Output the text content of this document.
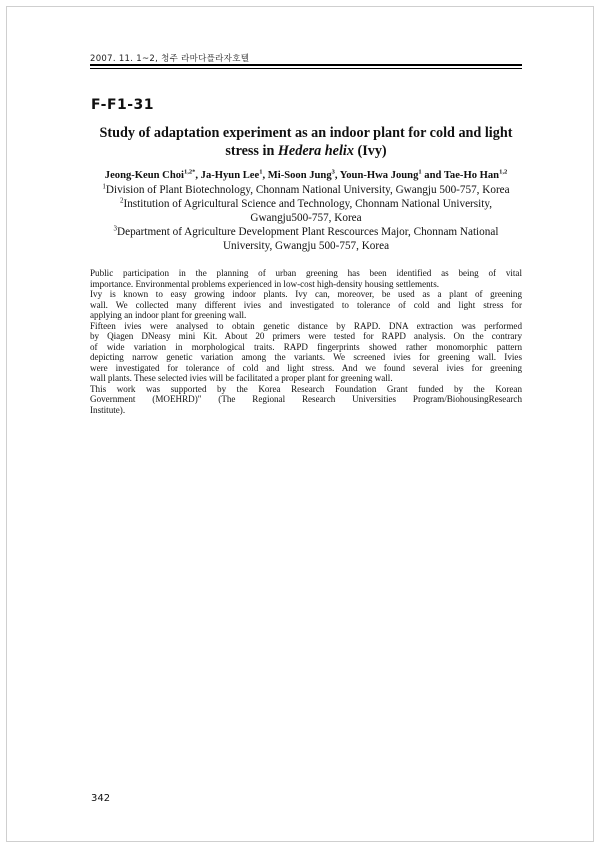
2007. 11. 1~2, 청주 라마다플라자호텔
F-F1-31
Study of adaptation experiment as an indoor plant for cold and light stress in Hedera helix (Ivy)
Jeong-Keun Choi$^{1,2*}$, Ja-Hyun Lee$^1$, Mi-Soon Jung$^3$, Youn-Hwa Joung$^1$ and Tae-Ho Han$^{1,2}$
$^1$Division of Plant Biotechnology, Chonnam National University, Gwangju 500-757, Korea
$^2$Institution of Agricultural Science and Technology, Chonnam National University, Gwangju500-757, Korea
$^3$Department of Agriculture Development Plant Rescources Major, Chonnam National University, Gwangju 500-757, Korea

Public participation in the planning of urban greening has been identified as being of vital

importance. Environmental problems experienced in low-cost high-density housing settlements.

Ivy is known to easy growing indoor plants. Ivy can, moreover, be used as a plant of greening

wall. We collected many different ivies and investigated to tolerance of cold and light stress for

applying an indoor plant for greening wall.

Fifteen ivies were analysed to obtain genetic distance by RAPD. DNA extraction was performed

by Qiagen DNeasy mini Kit. About 20 primers were tested for RAPD analysis. On the contrary

of wide variation in morphological traits. RAPD fingerprints showed rather monomorphic pattern

depicting narrow genetic variation among the variants. We screened ivies for greening wall. Ivies

were investigated for tolerance of cold and light stress. And we found several ivies for greening

wall plants. These selected ivies will be facilitated a proper plant for greening wall.

This work was supported by the Korea Research Foundation Grant funded by the Korean

Government (MOEHRD)" (The Regional Research Universities Program/BiohousingResearch

Institute).

342
